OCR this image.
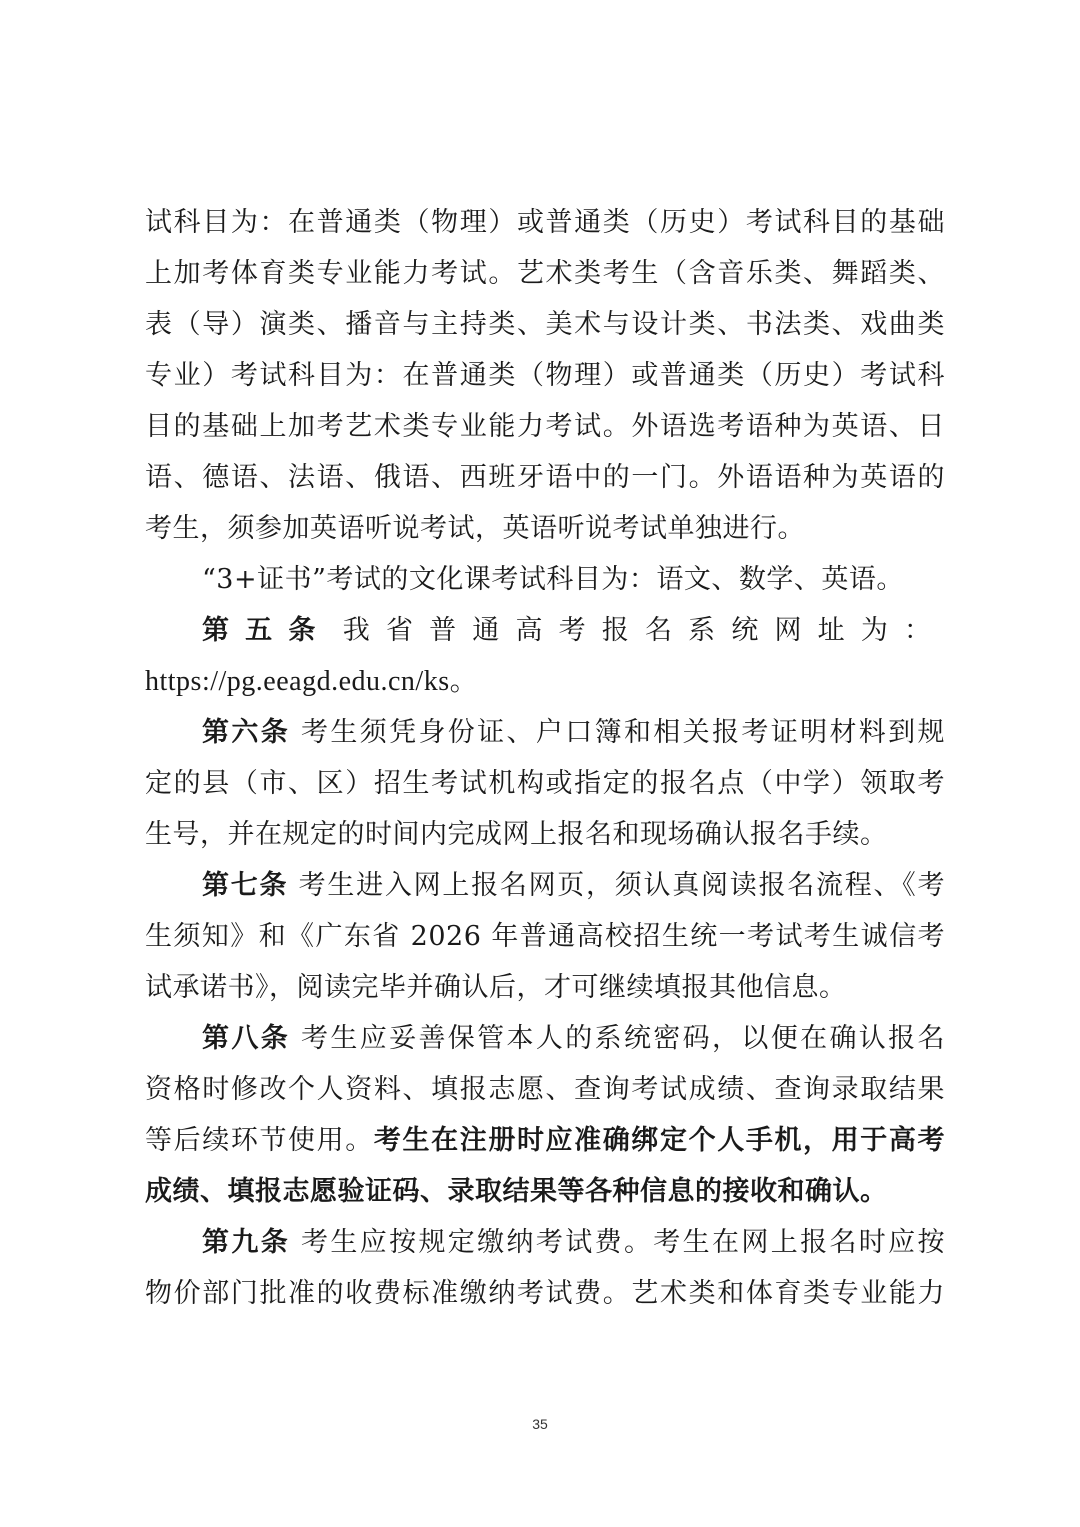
试科目为：在普通类（物理）或普通类（历史）考试科目的基础
上加考体育类专业能力考试。艺术类考生（含音乐类、舞蹈类、
表（导）演类、播音与主持类、美术与设计类、书法类、戏曲类
专业）考试科目为：在普通类（物理）或普通类（历史）考试科
目的基础上加考艺术类专业能力考试。外语选考语种为英语、日
语、德语、法语、俄语、西班牙语中的一门。外语语种为英语的
考生，须参加英语听说考试，英语听说考试单独进行。
“3+证书”考试的文化课考试科目为：语文、数学、英语。
第五条 我省普通高考报名系统网址为：
https://pg.eeagd.edu.cn/ks。
第六条 考生须凭身份证、户口簿和相关报考证明材料到规
定的县（市、区）招生考试机构或指定的报名点（中学）领取考
生号，并在规定的时间内完成网上报名和现场确认报名手续。
第七条 考生进入网上报名网页，须认真阅读报名流程、《考
生须知》和《广东省 2026 年普通高校招生统一考试考生诚信考
试承诺书》，阅读完毕并确认后，才可继续填报其他信息。
第八条 考生应妥善保管本人的系统密码，以便在确认报名
资格时修改个人资料、填报志愿、查询考试成绩、查询录取结果
等后续环节使用。考生在注册时应准确绑定个人手机，用于高考
成绩、填报志愿验证码、录取结果等各种信息的接收和确认。
第九条 考生应按规定缴纳考试费。考生在网上报名时应按
物价部门批准的收费标准缴纳考试费。艺术类和体育类专业能力
35
